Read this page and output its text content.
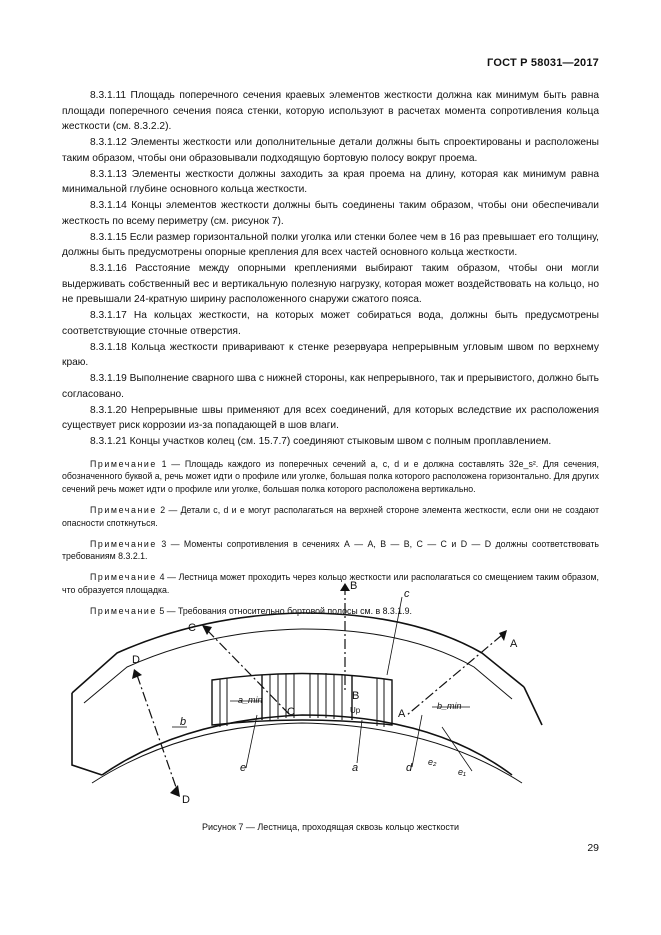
ГОСТ Р 58031—2017

8.3.1.11 Площадь поперечного сечения краевых элементов жесткости должна как минимум быть равна площади поперечного сечения пояса стенки, которую используют в расчетах момента сопротивления кольца жесткости (см. 8.3.2.2).

8.3.1.12 Элементы жесткости или дополнительные детали должны быть спроектированы и расположены таким образом, чтобы они образовывали подходящую бортовую полосу вокруг проема.

8.3.1.13 Элементы жесткости должны заходить за края проема на длину, которая как минимум равна минимальной глубине основного кольца жесткости.

8.3.1.14 Концы элементов жесткости должны быть соединены таким образом, чтобы они обеспечивали жесткость по всему периметру (см. рисунок 7).

8.3.1.15 Если размер горизонтальной полки уголка или стенки более чем в 16 раз превышает его толщину, должны быть предусмотрены опорные крепления для всех частей основного кольца жесткости.

8.3.1.16 Расстояние между опорными креплениями выбирают таким образом, чтобы они могли выдерживать собственный вес и вертикальную полезную нагрузку, которая может воздействовать на кольцо, но не превышали 24-кратную ширину расположенного снаружи сжатого пояса.

8.3.1.17 На кольцах жесткости, на которых может собираться вода, должны быть предусмотрены соответствующие сточные отверстия.

8.3.1.18 Кольца жесткости приваривают к стенке резервуара непрерывным угловым швом по верхнему краю.

8.3.1.19 Выполнение сварного шва с нижней стороны, как непрерывного, так и прерывистого, должно быть согласовано.

8.3.1.20 Непрерывные швы применяют для всех соединений, для которых вследствие их расположения существует риск коррозии из-за попадающей в шов влаги.

8.3.1.21 Концы участков колец (см. 15.7.7) соединяют стыковым швом с полным проплавлением.

Примечание 1 — Площадь каждого из поперечных сечений a, c, d и e должна составлять 32e_s². Для сечения, обозначенного буквой a, речь может идти о профиле или уголке, большая полка которого расположена горизонтально. Для других сечений речь может идти о профиле или уголке, большая полка которого расположена вертикально.

Примечание 2 — Детали c, d и e могут располагаться на верхней стороне элемента жесткости, если они не создают опасности споткнуться.

Примечание 3 — Моменты сопротивления в сечениях А — А, В — В, С — С и D — D должны соответствовать требованиям 8.3.2.1.

Примечание 4 — Лестница может проходить через кольцо жесткости или располагаться со смещением таким образом, что образуется площадка.

Примечание 5 — Требования относительно бортовой полосы см. в 8.3.1.9.

B
c
C
A
D
D
b
a_min
b_min
C
B
A
Up
e	a	d e₂
e₁
Рисунок 7 — Лестница, проходящая сквозь кольцо жесткости
29
